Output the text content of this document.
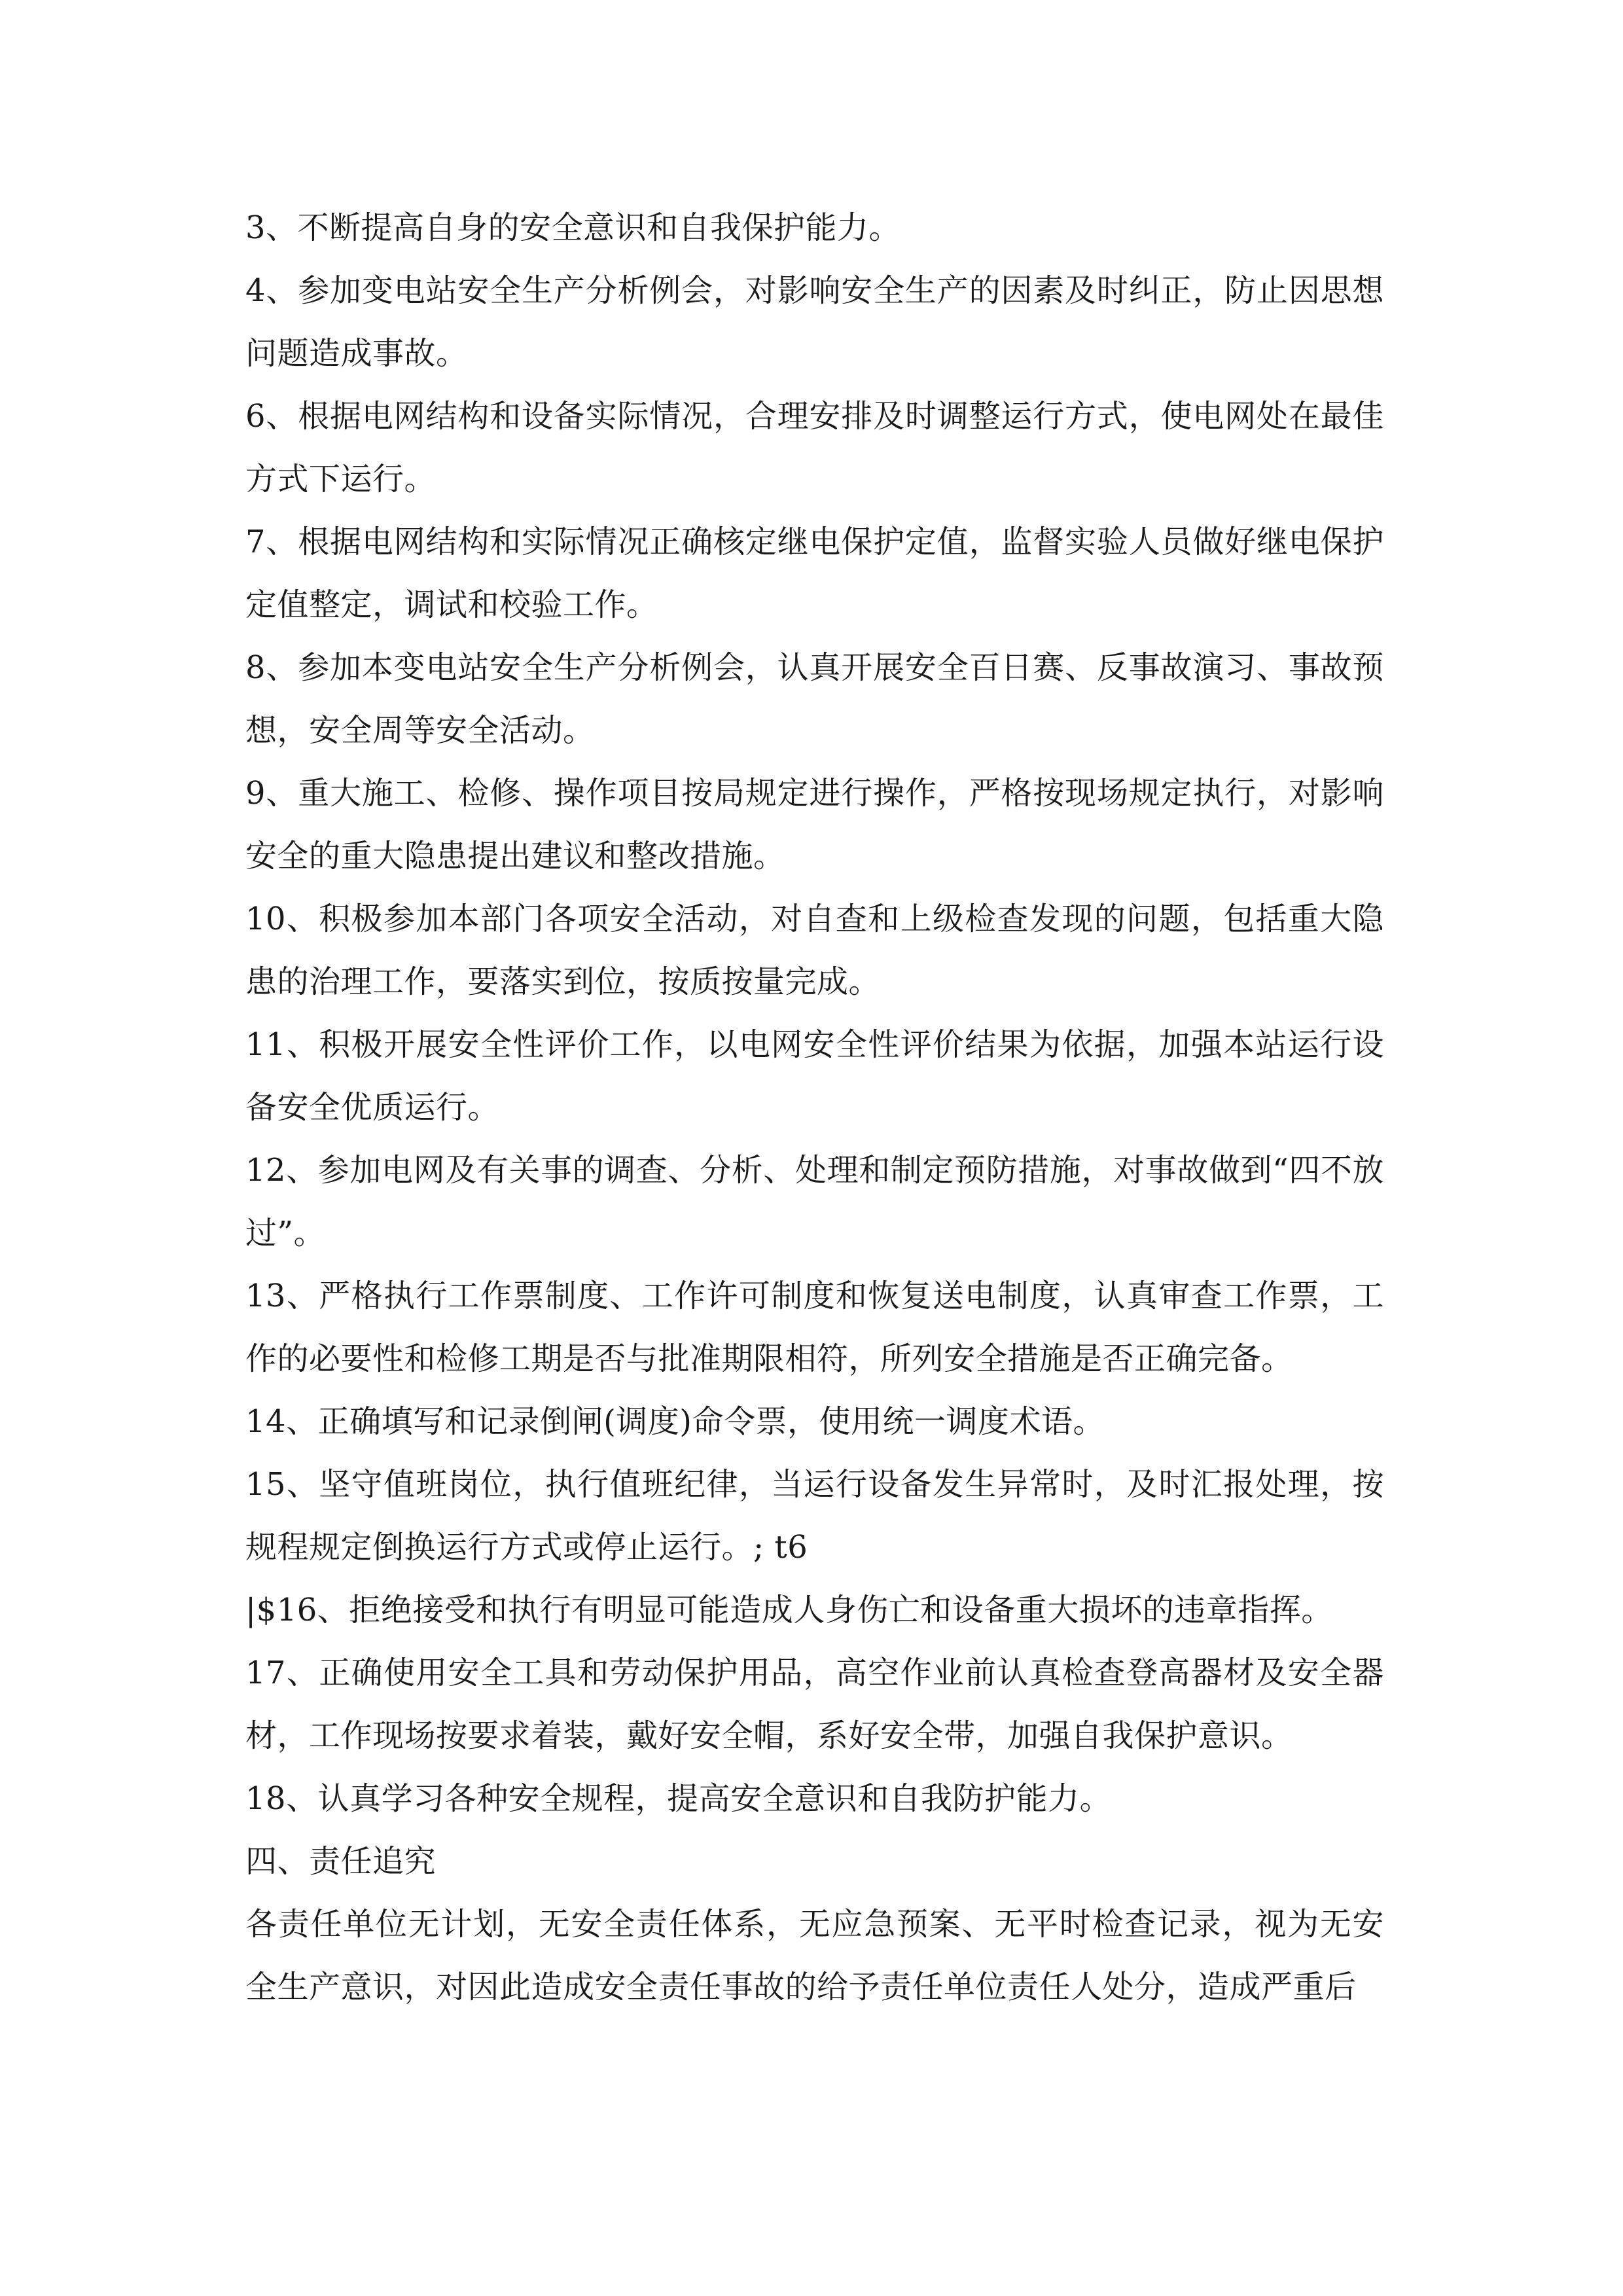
3、不断提高自身的安全意识和自我保护能力。

4、参加变电站安全生产分析例会，对影响安全生产的因素及时纠正，防止因思想问题造成事故。

6、根据电网结构和设备实际情况，合理安排及时调整运行方式，使电网处在最佳方式下运行。

7、根据电网结构和实际情况正确核定继电保护定值，监督实验人员做好继电保护定值整定，调试和校验工作。

8、参加本变电站安全生产分析例会，认真开展安全百日赛、反事故演习、事故预想，安全周等安全活动。

9、重大施工、检修、操作项目按局规定进行操作，严格按现场规定执行，对影响安全的重大隐患提出建议和整改措施。

10、积极参加本部门各项安全活动，对自查和上级检查发现的问题，包括重大隐患的治理工作，要落实到位，按质按量完成。

11、积极开展安全性评价工作，以电网安全性评价结果为依据，加强本站运行设备安全优质运行。

12、参加电网及有关事的调查、分析、处理和制定预防措施，对事故做到“四不放过”。

13、严格执行工作票制度、工作许可制度和恢复送电制度，认真审查工作票，工作的必要性和检修工期是否与批准期限相符，所列安全措施是否正确完备。

14、正确填写和记录倒闸(调度)命令票，使用统一调度术语。

15、坚守值班岗位，执行值班纪律，当运行设备发生异常时，及时汇报处理，按规程规定倒换运行方式或停止运行。; t6

|$16、拒绝接受和执行有明显可能造成人身伤亡和设备重大损坏的违章指挥。

17、正确使用安全工具和劳动保护用品，高空作业前认真检查登高器材及安全器材，工作现场按要求着装，戴好安全帽，系好安全带，加强自我保护意识。

18、认真学习各种安全规程，提高安全意识和自我防护能力。

四、责任追究

各责任单位无计划，无安全责任体系，无应急预案、无平时检查记录，视为无安全生产意识，对因此造成安全责任事故的给予责任单位责任人处分，造成严重后
